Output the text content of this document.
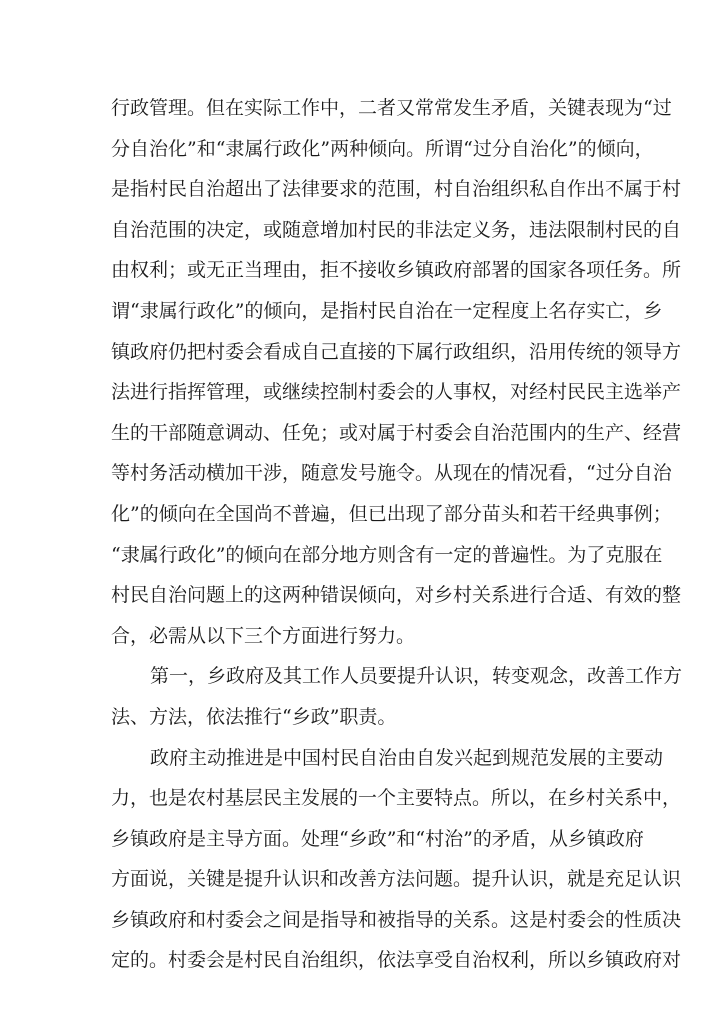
行政管理。但在实际工作中，二者又常常发生矛盾，关键表现为“过
分自治化”和“隶属行政化”两种倾向。所谓“过分自治化”的倾向，
是指村民自治超出了法律要求的范围，村自治组织私自作出不属于村
自治范围的决定，或随意增加村民的非法定义务，违法限制村民的自
由权利；或无正当理由，拒不接收乡镇政府部署的国家各项任务。所
谓“隶属行政化”的倾向，是指村民自治在一定程度上名存实亡，乡
镇政府仍把村委会看成自己直接的下属行政组织，沿用传统的领导方
法进行指挥管理，或继续控制村委会的人事权，对经村民民主选举产
生的干部随意调动、任免；或对属于村委会自治范围内的生产、经营
等村务活动横加干涉，随意发号施令。从现在的情况看，“过分自治
化”的倾向在全国尚不普遍，但已出现了部分苗头和若干经典事例；
“隶属行政化”的倾向在部分地方则含有一定的普遍性。为了克服在
村民自治问题上的这两种错误倾向，对乡村关系进行合适、有效的整
合，必需从以下三个方面进行努力。
第一，乡政府及其工作人员要提升认识，转变观念，改善工作方
法、方法，依法推行“乡政”职责。
政府主动推进是中国村民自治由自发兴起到规范发展的主要动
力，也是农村基层民主发展的一个主要特点。所以，在乡村关系中，
乡镇政府是主导方面。处理“乡政”和“村治”的矛盾，从乡镇政府
方面说，关键是提升认识和改善方法问题。提升认识，就是充足认识
乡镇政府和村委会之间是指导和被指导的关系。这是村委会的性质决
定的。村委会是村民自治组织，依法享受自治权利，所以乡镇政府对
